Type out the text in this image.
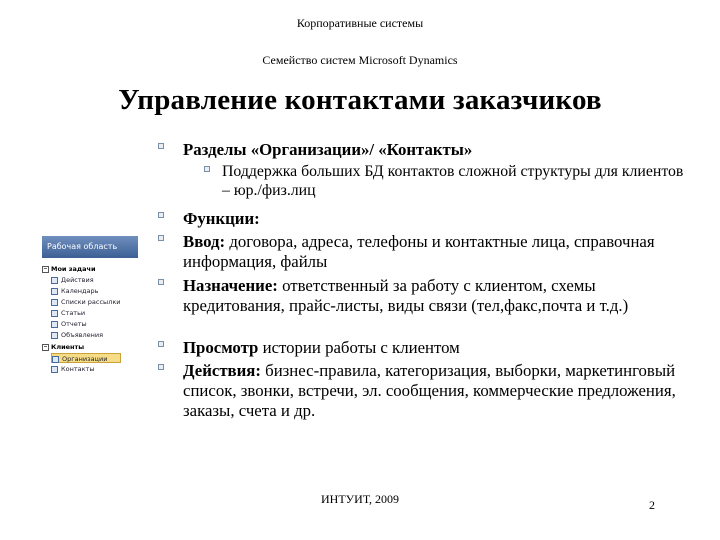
Корпоративные системы
Семейство систем Microsoft Dynamics
Управление контактами заказчиков
Рабочая область
− Мои задачи
Действия
Календарь
Списки рассылки
Статьи
Отчеты
Объявления
− Клиенты
Организации
Контакты
Разделы «Организации»/ «Контакты»
Поддержка больших БД контактов сложной структуры для клиентов – юр./физ.лиц
Функции:
Ввод: договора, адреса, телефоны и контактные лица, справочная информация, файлы
Назначение: ответственный за работу с клиентом, схемы кредитования, прайс-листы, виды связи (тел,факс,почта и т.д.)
Просмотр истории работы с клиентом
Действия: бизнес-правила, категоризация, выборки, маркетинговый список, звонки, встречи, эл. сообщения, коммерческие предложения, заказы, счета и др.
ИНТУИТ, 2009	2
